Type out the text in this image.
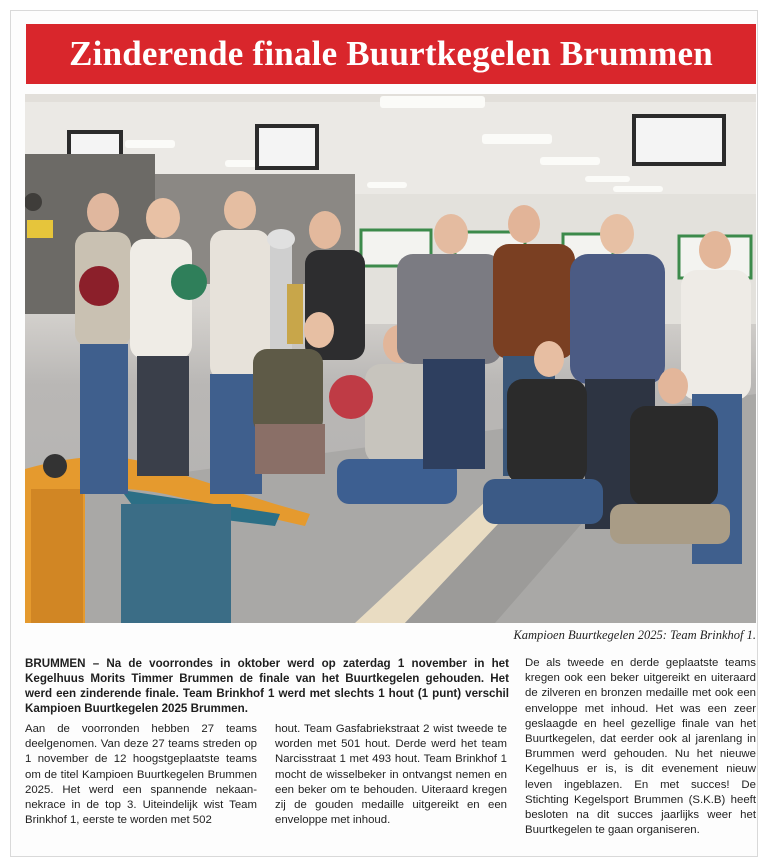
Zinderende finale Buurtkegelen Brummen
Kampioen Buurtkegelen 2025: Team Brinkhof 1.
BRUMMEN – Na de voorrondes in oktober werd op zaterdag 1 november in het Kegelhuus Morits Timmer Brummen de finale van het Buurtkegelen gehouden. Het werd een zinderende finale. Team Brinkhof 1 werd met slechts 1 hout (1 punt) verschil Kampioen Buurtkegelen 2025 Brummen.
Aan de voorronden hebben 27 teams deelgenomen. Van deze 27 teams streden op 1 november de 12 hoogstgeplaatste teams om de titel Kampioen Buurtkegelen Brummen 2025. Het werd een spannende nekaan-nekrace in de top 3. Uiteindelijk wist Team Brinkhof 1, eerste te worden met 502
hout. Team Gasfabriekstraat 2 wist tweede te worden met 501 hout. Derde werd het team Narcisstraat 1 met 493 hout. Team Brinkhof 1 mocht de wisselbeker in ontvangst nemen en een beker om te behouden. Uiteraard kregen zij de gouden medaille uitgereikt en een enveloppe met inhoud.
De als tweede en derde geplaatste teams kregen ook een beker uitgereikt en uiteraard de zilveren en bronzen medaille met ook een enveloppe met inhoud. Het was een zeer geslaagde en heel gezellige finale van het Buurtkegelen, dat eerder ook al jarenlang in Brummen werd gehouden. Nu het nieuwe Kegelhuus er is, is dit evenement nieuw leven ingeblazen. En met succes! De Stichting Kegelsport Brummen (S.K.B) heeft besloten na dit succes jaarlijks weer het Buurtkegelen te gaan organiseren.
